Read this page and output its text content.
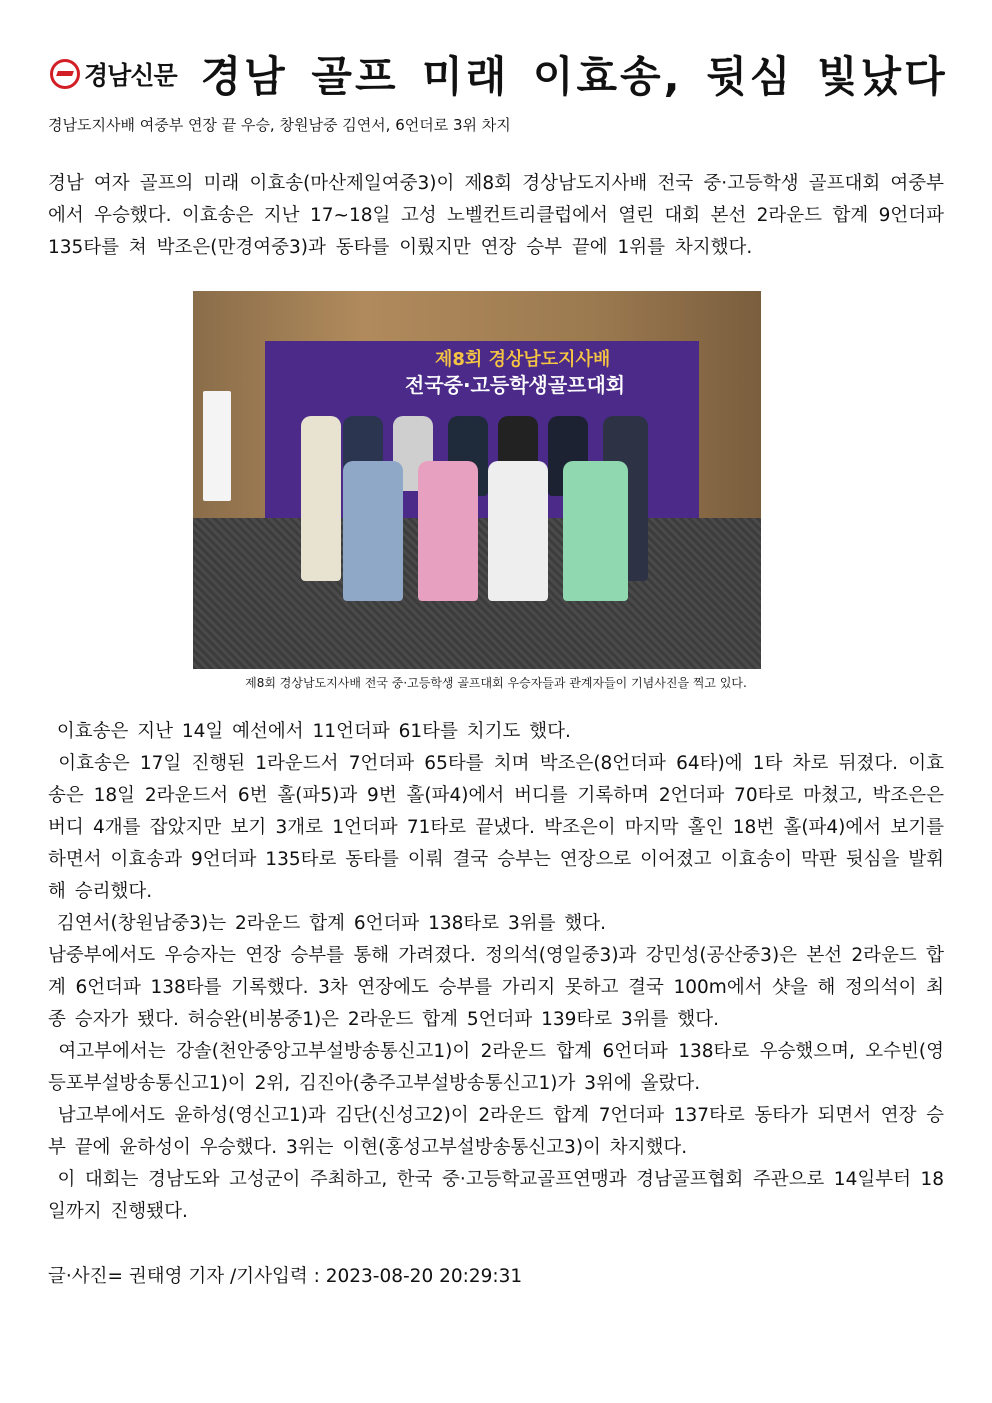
경남신문 경남 골프 미래 이효송, 뒷심 빛났다
경남도지사배 여중부 연장 끝 우승, 창원남중 김연서, 6언더로 3위 차지

경남 여자 골프의 미래 이효송(마산제일여중3)이 제8회 경상남도지사배 전국 중·고등학생 골프대회 여중부에서 우승했다. 이효송은 지난 17~18일 고성 노벨컨트리클럽에서 열린 대회 본선 2라운드 합계 9언더파 135타를 쳐 박조은(만경여중3)과 동타를 이뤘지만 연장 승부 끝에 1위를 차지했다.

제8회 경상남도지사배
전국중·고등학생골프대회
제8회 경상남도지사배 전국 중·고등학생 골프대회 우승자들과 관계자들이 기념사진을 찍고 있다.

이효송은 지난 14일 예선에서 11언더파 61타를 치기도 했다.

이효송은 17일 진행된 1라운드서 7언더파 65타를 치며 박조은(8언더파 64타)에 1타 차로 뒤졌다. 이효송은 18일 2라운드서 6번 홀(파5)과 9번 홀(파4)에서 버디를 기록하며 2언더파 70타로 마쳤고, 박조은은 버디 4개를 잡았지만 보기 3개로 1언더파 71타로 끝냈다. 박조은이 마지막 홀인 18번 홀(파4)에서 보기를 하면서 이효송과 9언더파 135타로 동타를 이뤄 결국 승부는 연장으로 이어졌고 이효송이 막판 뒷심을 발휘해 승리했다.

김연서(창원남중3)는 2라운드 합계 6언더파 138타로 3위를 했다.

남중부에서도 우승자는 연장 승부를 통해 가려졌다. 정의석(영일중3)과 강민성(공산중3)은 본선 2라운드 합계 6언더파 138타를 기록했다. 3차 연장에도 승부를 가리지 못하고 결국 100m에서 샷을 해 정의석이 최종 승자가 됐다. 허승완(비봉중1)은 2라운드 합계 5언더파 139타로 3위를 했다.

여고부에서는 강솔(천안중앙고부설방송통신고1)이 2라운드 합계 6언더파 138타로 우승했으며, 오수빈(영등포부설방송통신고1)이 2위, 김진아(충주고부설방송통신고1)가 3위에 올랐다.

남고부에서도 윤하성(영신고1)과 김단(신성고2)이 2라운드 합계 7언더파 137타로 동타가 되면서 연장 승부 끝에 윤하성이 우승했다. 3위는 이현(홍성고부설방송통신고3)이 차지했다.

이 대회는 경남도와 고성군이 주최하고, 한국 중·고등학교골프연맹과 경남골프협회 주관으로 14일부터 18일까지 진행됐다.

글·사진= 권태영 기자 /기사입력 : 2023-08-20 20:29:31
